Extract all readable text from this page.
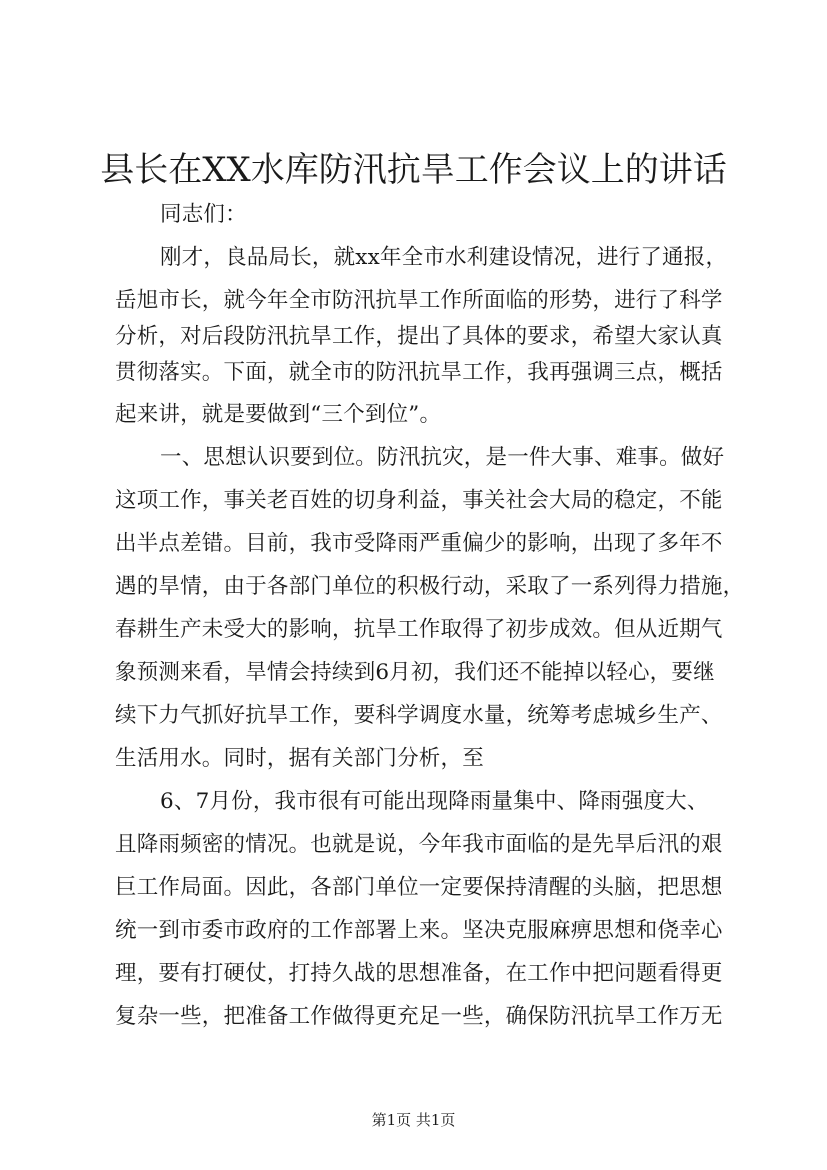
县长在XX水库防汛抗旱工作会议上的讲话
同志们：
刚才，良品局长，就xx年全市水利建设情况，进行了通报，
岳旭市长，就今年全市防汛抗旱工作所面临的形势，进行了科学
分析，对后段防汛抗旱工作，提出了具体的要求，希望大家认真
贯彻落实。下面，就全市的防汛抗旱工作，我再强调三点，概括
起来讲，就是要做到“三个到位”。
一、思想认识要到位。防汛抗灾，是一件大事、难事。做好
这项工作，事关老百姓的切身利益，事关社会大局的稳定，不能
出半点差错。目前，我市受降雨严重偏少的影响，出现了多年不
遇的旱情，由于各部门单位的积极行动，采取了一系列得力措施，
春耕生产未受大的影响，抗旱工作取得了初步成效。但从近期气
象预测来看，旱情会持续到6月初，我们还不能掉以轻心，要继
续下力气抓好抗旱工作，要科学调度水量，统筹考虑城乡生产、
生活用水。同时，据有关部门分析，至
6、7月份，我市很有可能出现降雨量集中、降雨强度大、
且降雨频密的情况。也就是说，今年我市面临的是先旱后汛的艰
巨工作局面。因此，各部门单位一定要保持清醒的头脑，把思想
统一到市委市政府的工作部署上来。坚决克服麻痹思想和侥幸心
理，要有打硬仗，打持久战的思想准备，在工作中把问题看得更
复杂一些，把准备工作做得更充足一些，确保防汛抗旱工作万无
第1页 共1页
